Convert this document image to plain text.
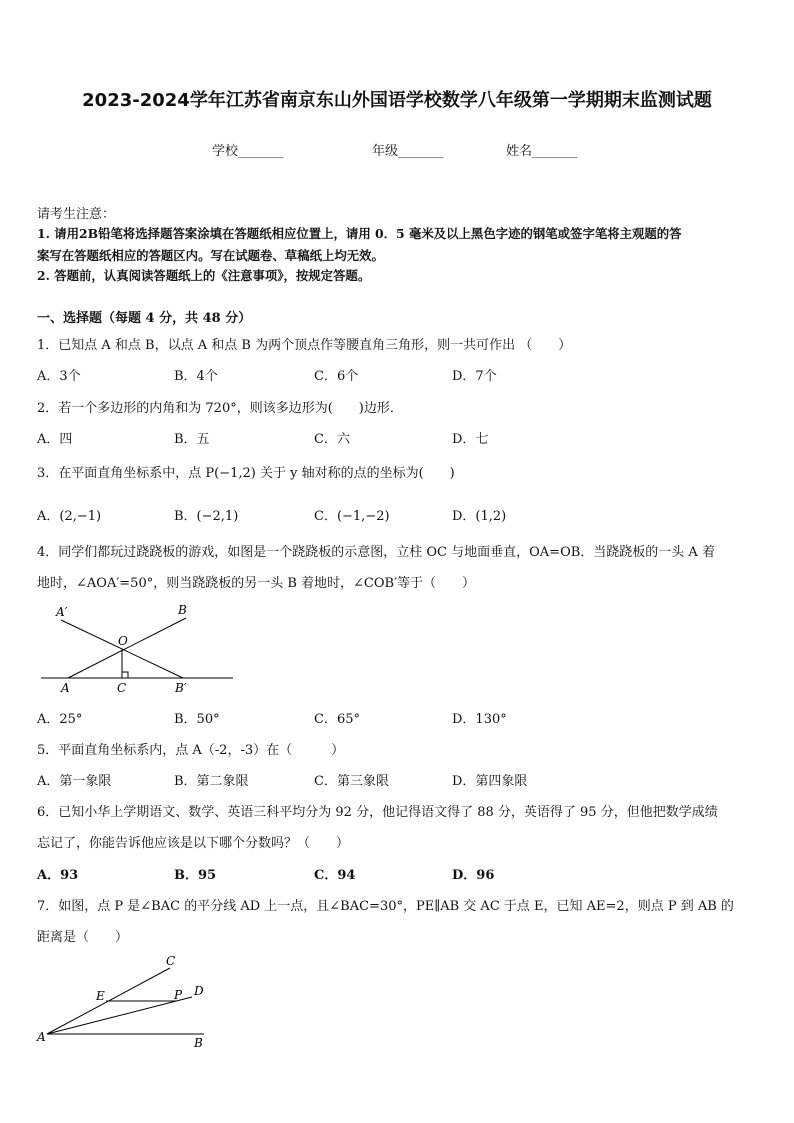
2023-2024学年江苏省南京东山外国语学校数学八年级第一学期期末监测试题
学校_______	年级_______	姓名_______
请考生注意：
1. 请用2B铅笔将选择题答案涂填在答题纸相应位置上，请用 0．5 毫米及以上黑色字迹的钢笔或签字笔将主观题的答
案写在答题纸相应的答题区内。写在试题卷、草稿纸上均无效。
2. 答题前，认真阅读答题纸上的《注意事项》，按规定答题。
一、选择题（每题 4 分，共 48 分）
1．已知点 A 和点 B，以点 A 和点 B 为两个顶点作等腰直角三角形，则一共可作出 （　　）
A．3个	B．4个	C．6个	D．7个
2．若一个多边形的内角和为 720°，则该多边形为(　　)边形．
A．四	B．五	C．六	D．七
3．在平面直角坐标系中，点 P(−1,2) 关于 y 轴对称的点的坐标为(　　)
A．(2,−1)	B．(−2,1)	C．(−1,−2)	D．(1,2)
4．同学们都玩过跷跷板的游戏，如图是一个跷跷板的示意图，立柱 OC 与地面垂直，OA=OB．当跷跷板的一头 A 着
地时，∠AOA′=50°，则当跷跷板的另一头 B 着地时，∠COB′等于（　　）
A′	B
O
A	C	B′
A．25°	B．50°	C．65°	D．130°
5．平面直角坐标系内，点 A（-2，-3）在（　　　）
A．第一象限	B．第二象限	C．第三象限	D．第四象限
6．已知小华上学期语文、数学、英语三科平均分为 92 分，他记得语文得了 88 分，英语得了 95 分，但他把数学成绩
忘记了，你能告诉他应该是以下哪个分数吗？（　　）
A．93	B．95	C．94	D．96
7．如图，点 P 是∠BAC 的平分线 AD 上一点，且∠BAC=30°，PE∥AB 交 AC 于点 E，已知 AE=2，则点 P 到 AB 的
距离是（　　）
C
E	P D
A	B
